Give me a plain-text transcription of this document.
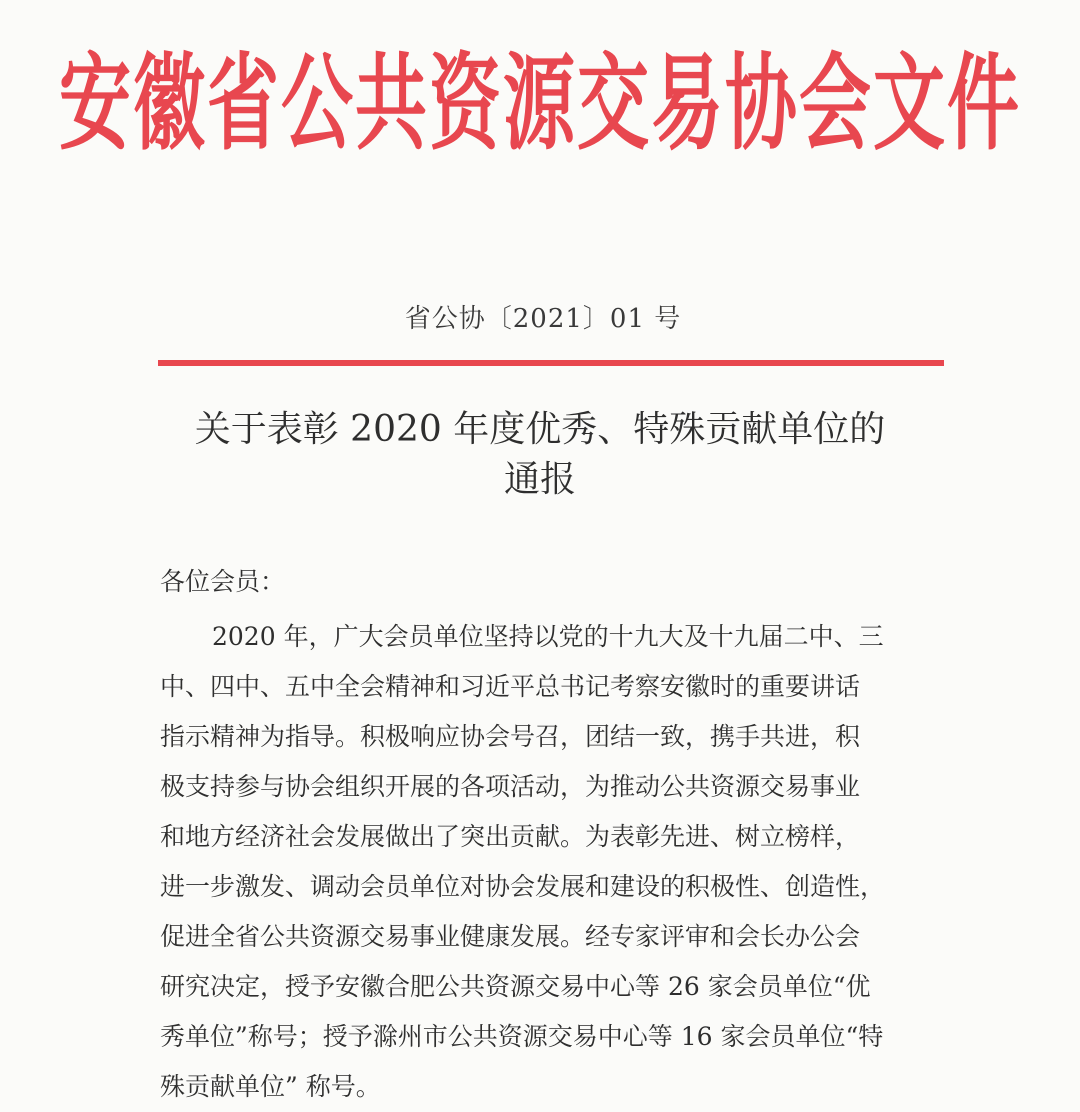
安徽省公共资源交易协会文件
省公协〔2021〕01 号
关于表彰 2020 年度优秀、特殊贡献单位的
通报
各位会员：
2020 年，广大会员单位坚持以党的十九大及十九届二中、三
中、四中、五中全会精神和习近平总书记考察安徽时的重要讲话
指示精神为指导。积极响应协会号召，团结一致，携手共进，积
极支持参与协会组织开展的各项活动，为推动公共资源交易事业
和地方经济社会发展做出了突出贡献。为表彰先进、树立榜样，
进一步激发、调动会员单位对协会发展和建设的积极性、创造性，
促进全省公共资源交易事业健康发展。经专家评审和会长办公会
研究决定，授予安徽合肥公共资源交易中心等 26 家会员单位“优
秀单位”称号；授予滁州市公共资源交易中心等 16 家会员单位“特
殊贡献单位” 称号。
